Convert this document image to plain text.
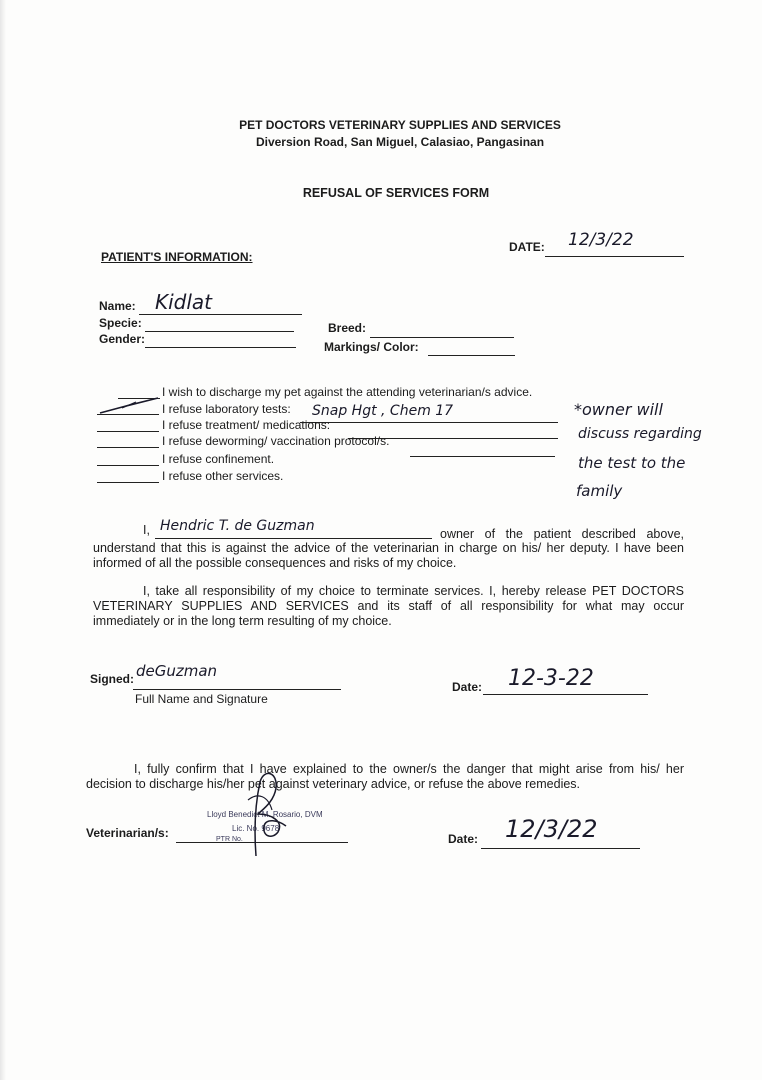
PET DOCTORS VETERINARY SUPPLIES AND SERVICES
Diversion Road, San Miguel, Calasiao, Pangasinan
REFUSAL OF SERVICES FORM
PATIENT'S INFORMATION:
DATE: 12/3/22
Name: Kidlat
Specie:
Gender:
Breed:
Markings/ Color:
I wish to discharge my pet against the attending veterinarian/s advice.
I refuse laboratory tests: Snap Hgt , Chem 17
I refuse treatment/ medications:
I refuse deworming/ vaccination protocol/s.
I refuse confinement.
I refuse other services.
*owner will
discuss regarding
the test to the
family
I, Hendric T. de Guzman	owner of the patient described above,
understand that this is against the advice of the veterinarian in charge on his/ her deputy. I have been informed of all the possible consequences and risks of my choice.
I, take all responsibility of my choice to terminate services. I, hereby release PET DOCTORS VETERINARY SUPPLIES AND SERVICES and its staff of all responsibility for what may occur immediately or in the long term resulting of my choice.
Signed: deGuzman
Full Name and Signature
Date: 12-3-22
I, fully confirm that I have explained to the owner/s the danger that might arise from his/ her decision to discharge his/her pet against veterinary advice, or refuse the above remedies.
Veterinarian/s:
Lloyd Benedict M. Rosario, DVM
Lic. No. 9678
PTR No.	Date: 12/3/22
